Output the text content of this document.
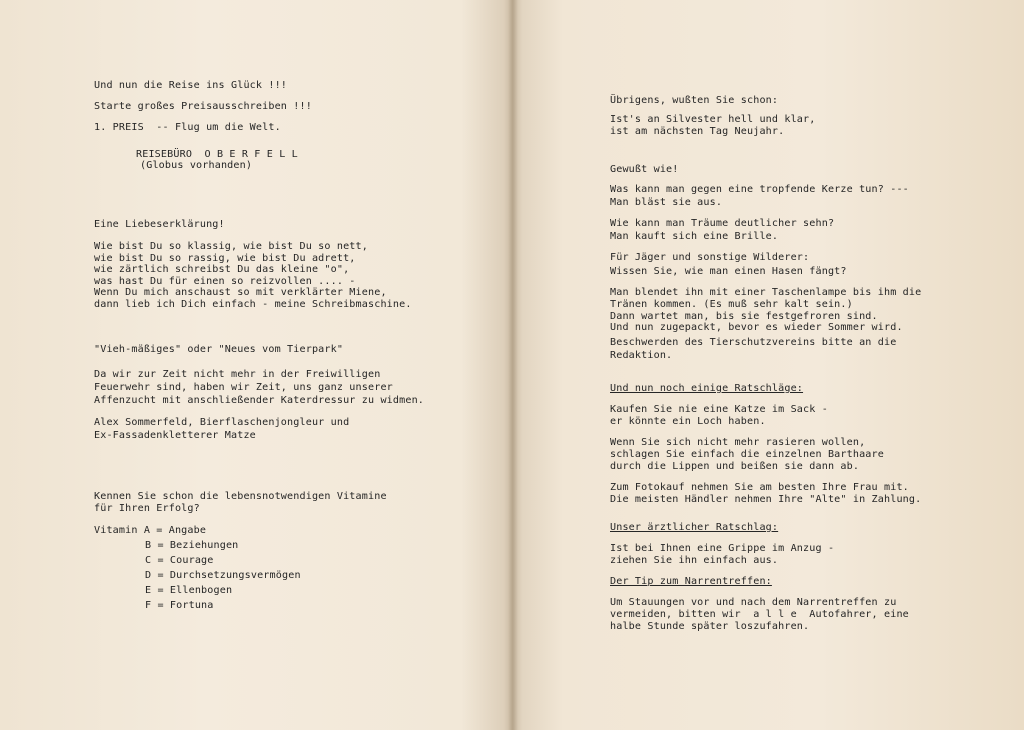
Und nun die Reise ins Glück !!!

Starte großes Preisausschreiben !!!

1. PREIS  -- Flug um die Welt.

REISEBÜRO  O B E R F E L L

(Globus vorhanden)

Eine Liebeserklärung!

Wie bist Du so klassig, wie bist Du so nett,
wie bist Du so rassig, wie bist Du adrett,
wie zärtlich schreibst Du das kleine "o",
was hast Du für einen so reizvollen .... -
Wenn Du mich anschaust so mit verklärter Miene,
dann lieb ich Dich einfach - meine Schreibmaschine.

"Vieh-mäßiges" oder "Neues vom Tierpark"

Da wir zur Zeit nicht mehr in der Freiwilligen
Feuerwehr sind, haben wir Zeit, uns ganz unserer
Affenzucht mit anschließender Katerdressur zu widmen.

Alex Sommerfeld, Bierflaschenjongleur und
Ex-Fassadenkletterer Matze

Kennen Sie schon die lebensnotwendigen Vitamine
für Ihren Erfolg?

Vitamin A = Angabe

B = Beziehungen

C = Courage

D = Durchsetzungsvermögen

E = Ellenbogen

F = Fortuna

Übrigens, wußten Sie schon:

Ist's an Silvester hell und klar,
ist am nächsten Tag Neujahr.

Gewußt wie!

Was kann man gegen eine tropfende Kerze tun? ---
Man bläst sie aus.

Wie kann man Träume deutlicher sehn?
Man kauft sich eine Brille.

Für Jäger und sonstige Wilderer:
Wissen Sie, wie man einen Hasen fängt?

Man blendet ihn mit einer Taschenlampe bis ihm die
Tränen kommen. (Es muß sehr kalt sein.)
Dann wartet man, bis sie festgefroren sind.
Und nun zugepackt, bevor es wieder Sommer wird.

Beschwerden des Tierschutzvereins bitte an die
Redaktion.

Und nun noch einige Ratschläge:

Kaufen Sie nie eine Katze im Sack -
er könnte ein Loch haben.

Wenn Sie sich nicht mehr rasieren wollen,
schlagen Sie einfach die einzelnen Barthaare
durch die Lippen und beißen sie dann ab.

Zum Fotokauf nehmen Sie am besten Ihre Frau mit.
Die meisten Händler nehmen Ihre "Alte" in Zahlung.

Unser ärztlicher Ratschlag:

Ist bei Ihnen eine Grippe im Anzug -
ziehen Sie ihn einfach aus.

Der Tip zum Narrentreffen:

Um Stauungen vor und nach dem Narrentreffen zu
vermeiden, bitten wir  a l l e  Autofahrer, eine
halbe Stunde später loszufahren.
